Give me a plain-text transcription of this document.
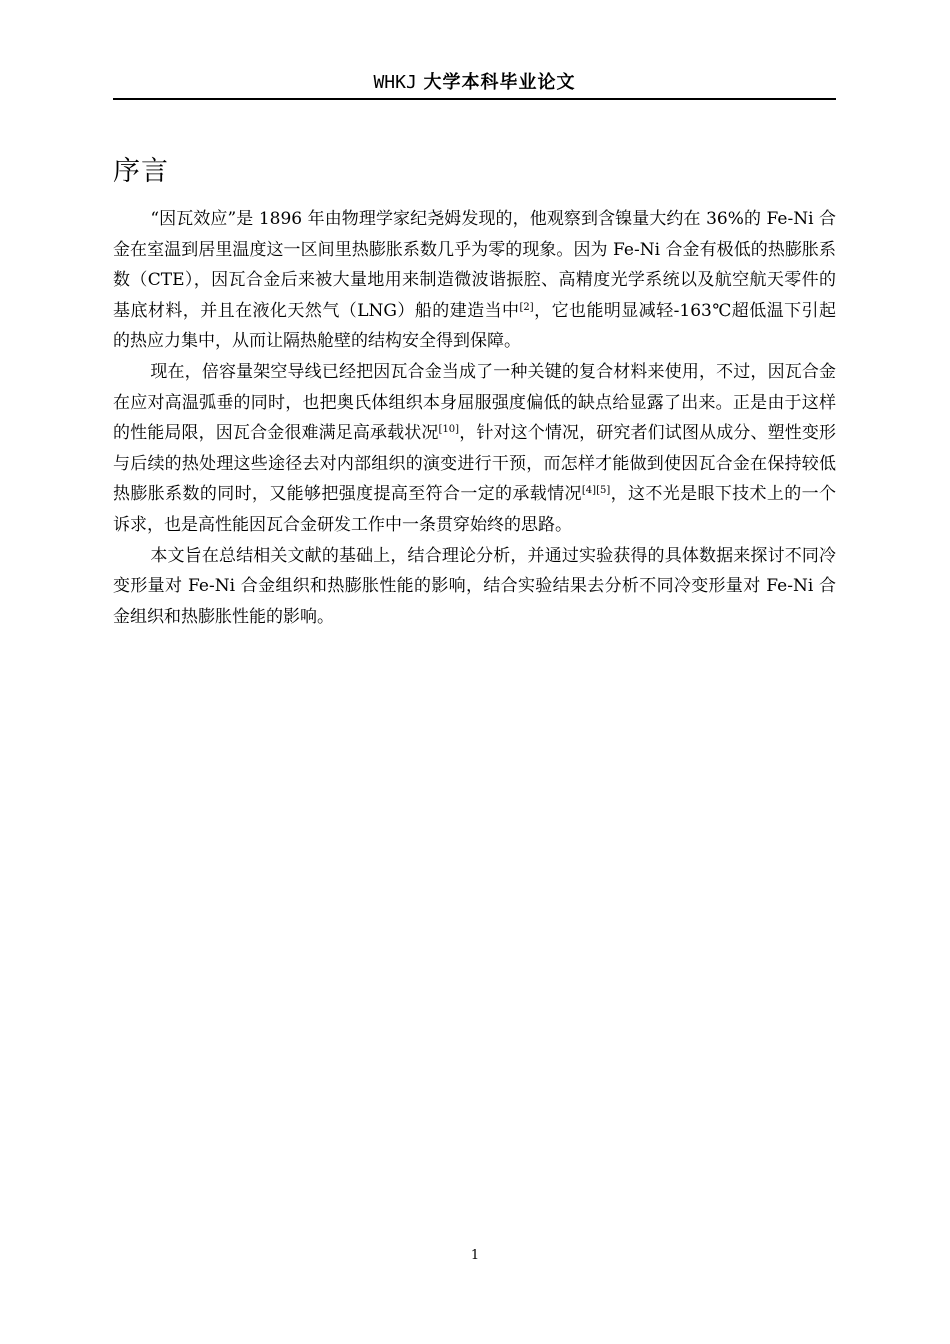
WHKJ 大学本科毕业论文
序言

“因瓦效应”是 1896 年由物理学家纪尧姆发现的，他观察到含镍量大约在 36%的 Fe-Ni 合金在室温到居里温度这一区间里热膨胀系数几乎为零的现象。因为 Fe-Ni 合金有极低的热膨胀系数（CTE），因瓦合金后来被大量地用来制造微波谐振腔、高精度光学系统以及航空航天零件的基底材料，并且在液化天然气（LNG）船的建造当中[2]，它也能明显减轻-163℃超低温下引起的热应力集中，从而让隔热舱壁的结构安全得到保障。

现在，倍容量架空导线已经把因瓦合金当成了一种关键的复合材料来使用，不过，因瓦合金在应对高温弧垂的同时，也把奥氏体组织本身屈服强度偏低的缺点给显露了出来。正是由于这样的性能局限，因瓦合金很难满足高承载状况[10]，针对这个情况，研究者们试图从成分、塑性变形与后续的热处理这些途径去对内部组织的演变进行干预，而怎样才能做到使因瓦合金在保持较低热膨胀系数的同时，又能够把强度提高至符合一定的承载情况[4][5]，这不光是眼下技术上的一个诉求，也是高性能因瓦合金研发工作中一条贯穿始终的思路。

本文旨在总结相关文献的基础上，结合理论分析，并通过实验获得的具体数据来探讨不同冷变形量对 Fe-Ni 合金组织和热膨胀性能的影响，结合实验结果去分析不同冷变形量对 Fe-Ni 合金组织和热膨胀性能的影响。

1
